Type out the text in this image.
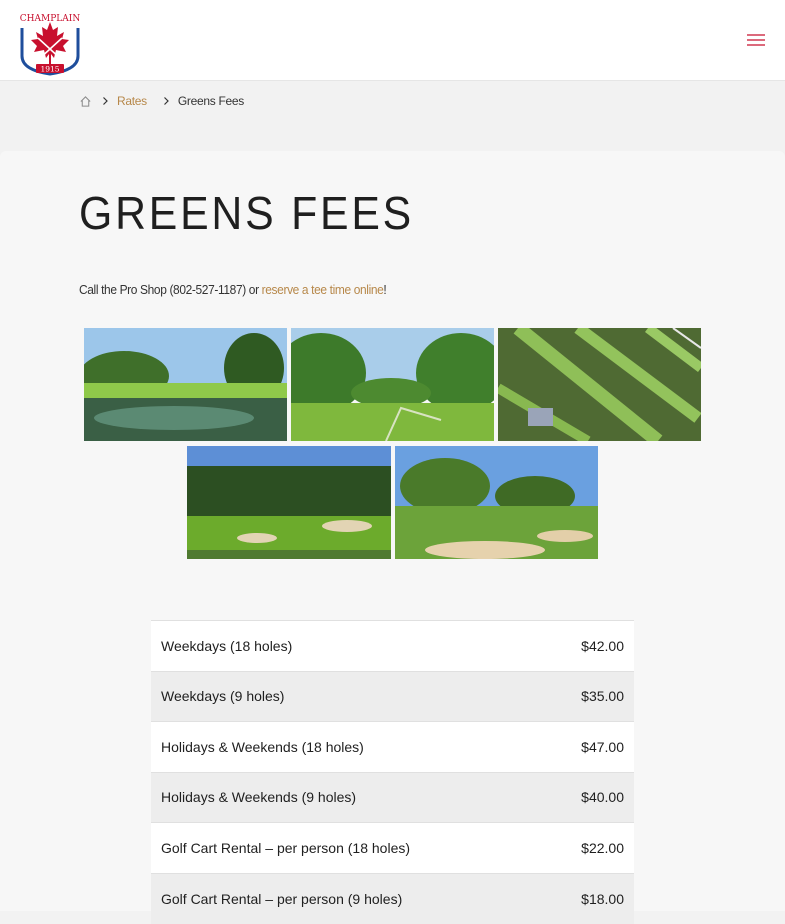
CHAMPLAIN
1915
Rates	Greens Fees
GREENS FEES
Call the Pro Shop (802-527-1187) or reserve a tee time online!
Weekdays (18 holes)	$42.00
Weekdays (9 holes)	$35.00
Holidays & Weekends (18 holes)	$47.00
Holidays & Weekends (9 holes)	$40.00
Golf Cart Rental – per person (18 holes)	$22.00
Golf Cart Rental – per person (9 holes)	$18.00
